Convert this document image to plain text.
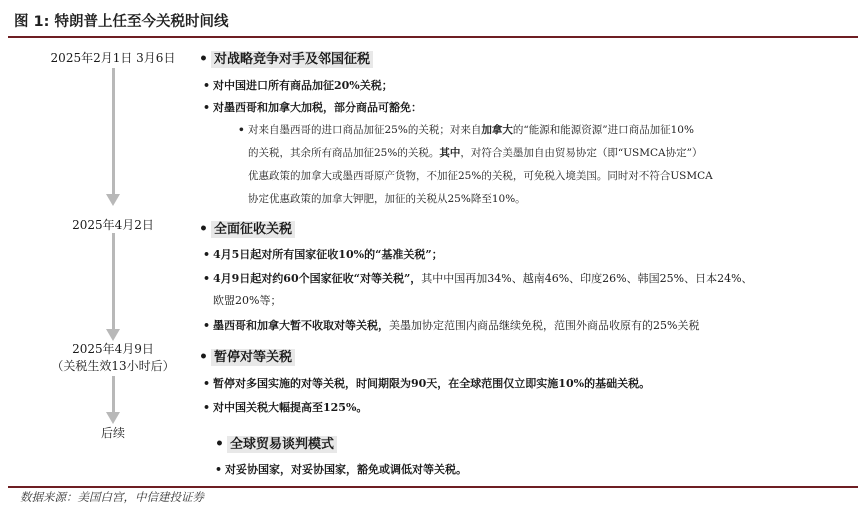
图 1: 特朗普上任至今关税时间线
2025年2月1日 3月6日
2025年4月2日
2025年4月9日
（关税生效13小时后）
后续
• 对战略竞争对手及邻国征税
• 对中国进口所有商品加征20%关税；
• 对墨西哥和加拿大加税，部分商品可豁免：
• 对来自墨西哥的进口商品加征25%的关税；对来自加拿大的“能源和能源资源”进口商品加征10%
的关税，其余所有商品加征25%的关税。其中，对符合美墨加自由贸易协定（即“USMCA协定”）
优惠政策的加拿大或墨西哥原产货物，不加征25%的关税，可免税入境美国。同时对不符合USMCA
协定优惠政策的加拿大钾肥，加征的关税从25%降至10%。
• 全面征收关税
• 4月5日起对所有国家征收10%的“基准关税”；
• 4月9日起对约60个国家征收“对等关税”，其中中国再加34%、越南46%、印度26%、韩国25%、日本24%、
欧盟20%等；
• 墨西哥和加拿大暂不收取对等关税，美墨加协定范围内商品继续免税，范围外商品收原有的25%关税
• 暂停对等关税
• 暂停对多国实施的对等关税，时间期限为90天，在全球范围仅立即实施10%的基础关税。
• 对中国关税大幅提高至125%。
• 全球贸易谈判模式
• 对妥协国家，对妥协国家，豁免或调低对等关税。
数据来源：美国白宫，中信建投证券
